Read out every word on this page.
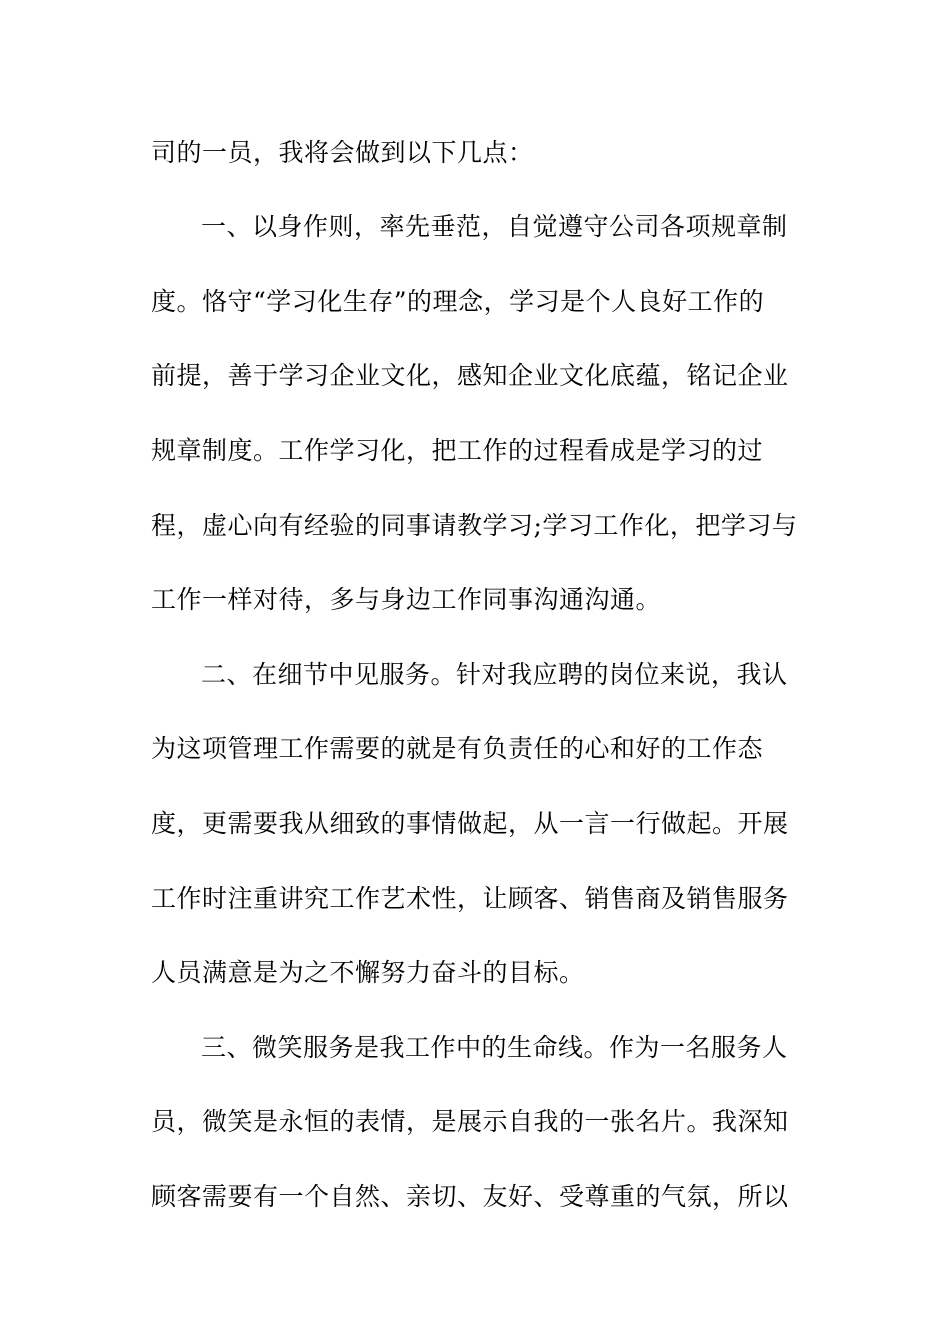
司的一员，我将会做到以下几点：

一、以身作则，率先垂范，自觉遵守公司各项规章制

度。恪守“学习化生存”的理念，学习是个人良好工作的

前提，善于学习企业文化，感知企业文化底蕴，铭记企业

规章制度。工作学习化，把工作的过程看成是学习的过

程，虚心向有经验的同事请教学习;学习工作化，把学习与

工作一样对待，多与身边工作同事沟通沟通。

二、在细节中见服务。针对我应聘的岗位来说，我认

为这项管理工作需要的就是有负责任的心和好的工作态

度，更需要我从细致的事情做起，从一言一行做起。开展

工作时注重讲究工作艺术性，让顾客、销售商及销售服务

人员满意是为之不懈努力奋斗的目标。

三、微笑服务是我工作中的生命线。作为一名服务人

员，微笑是永恒的表情，是展示自我的一张名片。我深知

顾客需要有一个自然、亲切、友好、受尊重的气氛，所以
